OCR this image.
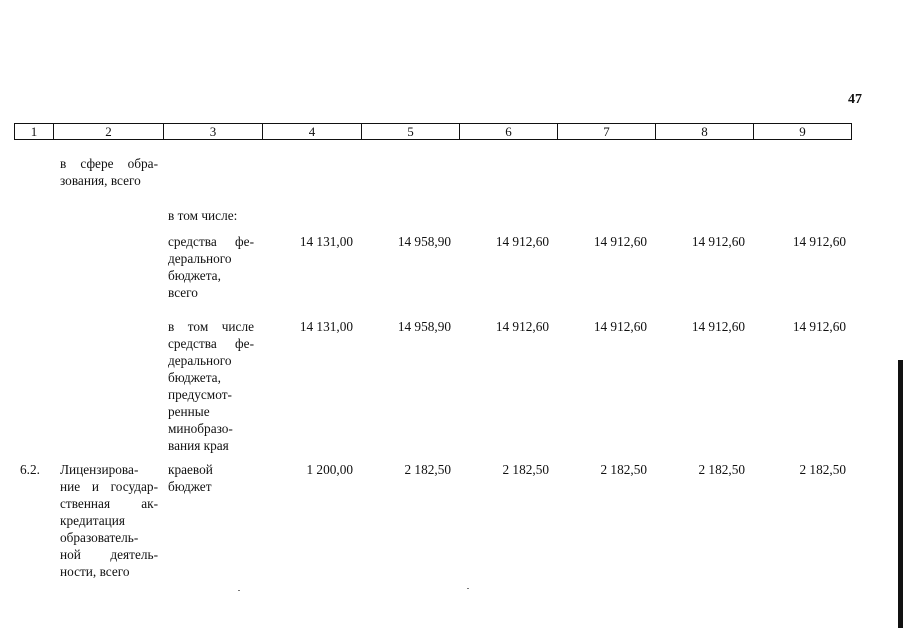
47
1	2	3	4	5	6	7	8	9
в сфере обра-
зования, всего
в том числе:
средства фе-
дерального
бюджета,
всего
14 131,00	14 958,90	14 912,60	14 912,60	14 912,60	14 912,60
в том числе
средства фе-
дерального
бюджета,
предусмот-
ренные
минобразо-
вания края
14 131,00	14 958,90	14 912,60	14 912,60	14 912,60	14 912,60
6.2. Лицензирова-
ние и государ-
ственная ак-
кредитация
образователь-
ной деятель-
ности, всего
краевой
бюджет
1 200,00	2 182,50	2 182,50	2 182,50	2 182,50	2 182,50
